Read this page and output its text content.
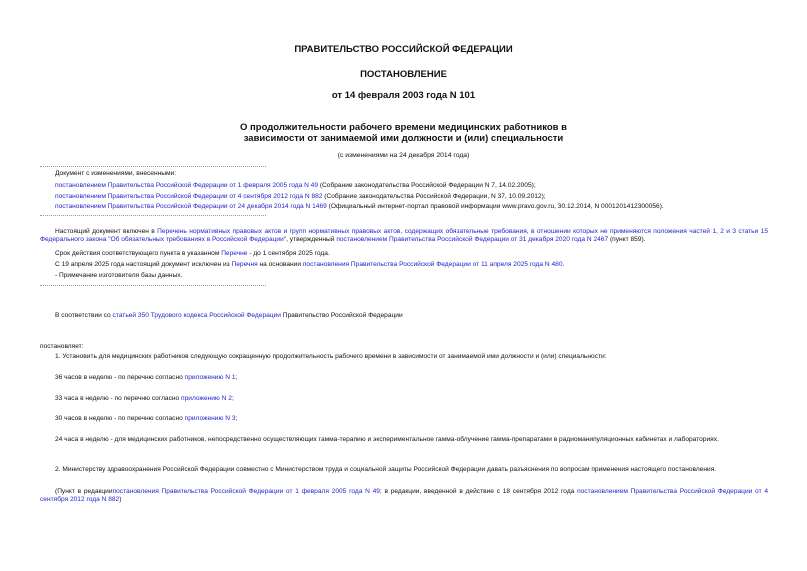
ПРАВИТЕЛЬСТВО РОССИЙСКОЙ ФЕДЕРАЦИИ
ПОСТАНОВЛЕНИЕ
от 14 февраля 2003 года N 101
О продолжительности рабочего времени медицинских работников в
зависимости от занимаемой ими должности и (или) специальности
(с изменениями на 24 декабря 2014 года)
Документ с изменениями, внесенными:
постановлением Правительства Российской Федерации от 1 февраля 2005 года N 49 (Собрание законодательства Российской Федерации N 7, 14.02.2005);
постановлением Правительства Российской Федерации от 4 сентября 2012 года N 882 (Собрание законодательства Российской Федерации, N 37, 10.09.2012);
постановлением Правительства Российской Федерации от 24 декабря 2014 года N 1469 (Официальный интернет-портал правовой информации www.pravo.gov.ru, 30.12.2014, N 0001201412300056).
Настоящий документ включен в Перечень нормативных правовых актов и групп нормативных правовых актов, содержащих обязательные требования, в отношении которых не применяются положения частей 1, 2 и 3 статьи 15 Федерального закона "Об обязательных требованиях в Российской Федерации", утвержденный постановлением Правительства Российской Федерации от 31 декабря 2020 года N 2467 (пункт 859).
Срок действия соответствующего пункта в указанном Перечне - до 1 сентября 2025 года.
С 19 апреля 2025 года настоящий документ исключен из Перечня на основании постановления Правительства Российской Федерации от 11 апреля 2025 года N 480.
- Примечание изготовителя базы данных.
В соответствии со статьей 350 Трудового кодекса Российской Федерации Правительство Российской Федерации
постановляет:
1. Установить для медицинских работников следующую сокращенную продолжительность рабочего времени в зависимости от занимаемой ими должности и (или) специальности:
36 часов в неделю - по перечню согласно приложению N 1;
33 часа в неделю - по перечню согласно приложению N 2;
30 часов в неделю - по перечню согласно приложению N 3;
24 часа в неделю - для медицинских работников, непосредственно осуществляющих гамма-терапию и экспериментальное гамма-облучение гамма-препаратами в радиоманипуляционных кабинетах и лабораториях.
2. Министерству здравоохранения Российской Федерации совместно с Министерством труда и социальной защиты Российской Федерации давать разъяснения по вопросам применения настоящего постановления.
(Пункт в редакциипостановления Правительства Российской Федерации от 1 февраля 2005 года N 49; в редакции, введенной в действие с 18 сентября 2012 года постановлением Правительства Российской Федерации от 4 сентября 2012 года N 882)
